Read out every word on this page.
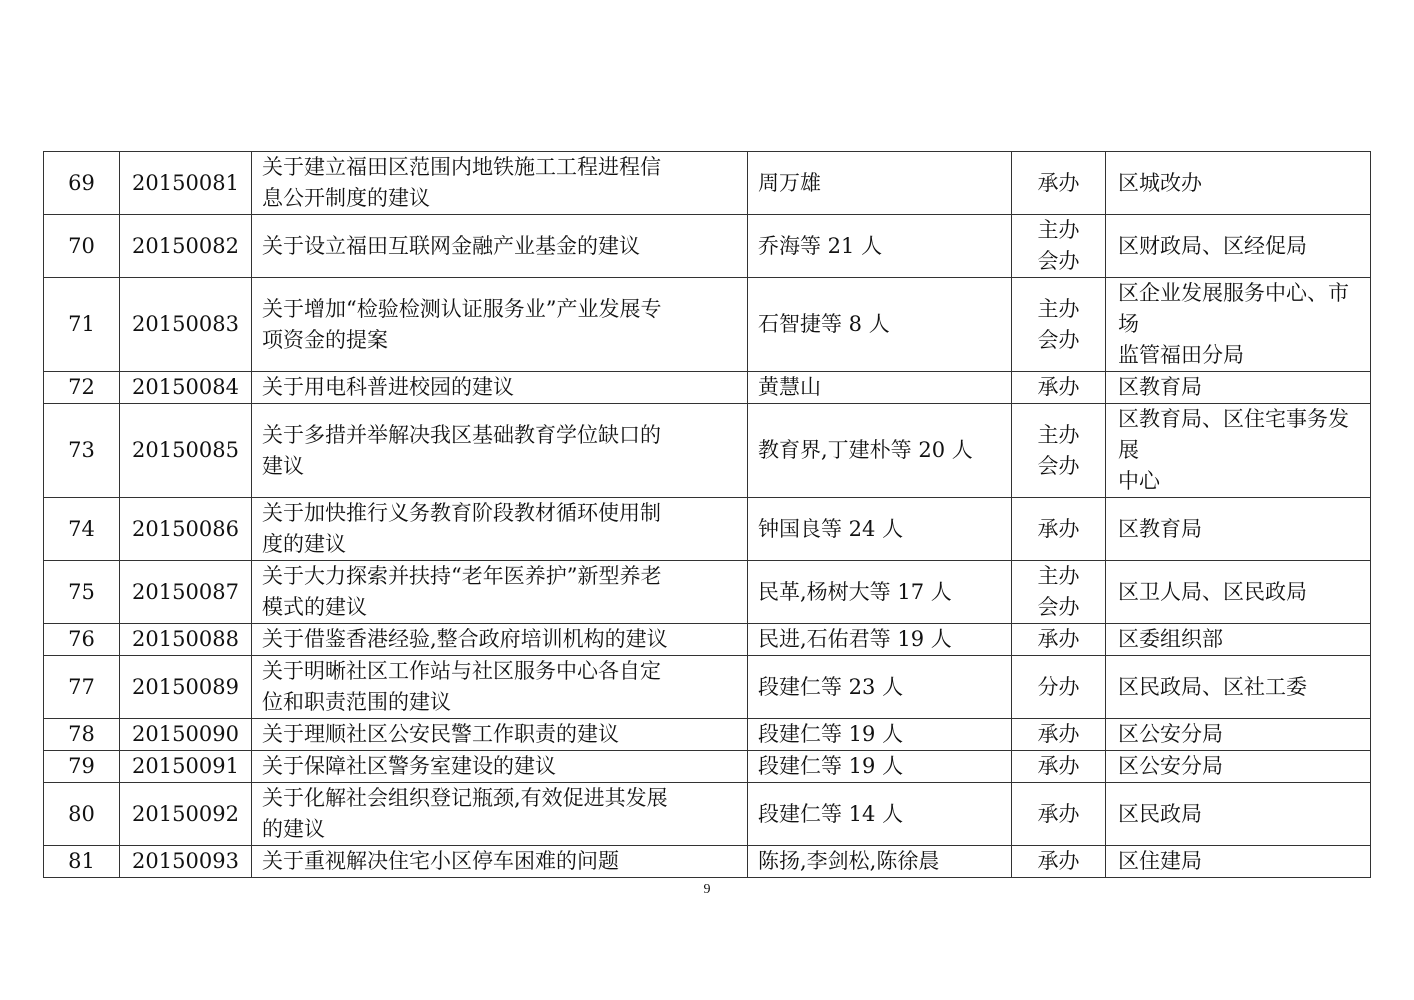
69	20150081	关于建立福田区范围内地铁施工工程进程信
息公开制度的建议	周万雄	承办	区城改办

70	20150082	关于设立福田互联网金融产业基金的建议	乔海等 21 人	主办
会办	区财政局、区经促局

71	20150083	关于增加“检验检测认证服务业”产业发展专
项资金的提案	石智捷等 8 人	主办
会办	区企业发展服务中心、市场
监管福田分局

72	20150084	关于用电科普进校园的建议	黄慧山	承办	区教育局

73	20150085	关于多措并举解决我区基础教育学位缺口的
建议	教育界,丁建朴等 20 人	主办
会办	区教育局、区住宅事务发展
中心

74	20150086	关于加快推行义务教育阶段教材循环使用制
度的建议	钟国良等 24 人	承办	区教育局

75	20150087	关于大力探索并扶持“老年医养护”新型养老
模式的建议	民革,杨树大等 17 人	主办
会办	区卫人局、区民政局

76	20150088	关于借鉴香港经验,整合政府培训机构的建议	民进,石佑君等 19 人	承办	区委组织部

77	20150089	关于明晰社区工作站与社区服务中心各自定
位和职责范围的建议	段建仁等 23 人	分办	区民政局、区社工委

78	20150090	关于理顺社区公安民警工作职责的建议	段建仁等 19 人	承办	区公安分局

79	20150091	关于保障社区警务室建设的建议	段建仁等 19 人	承办	区公安分局

80	20150092	关于化解社会组织登记瓶颈,有效促进其发展
的建议	段建仁等 14 人	承办	区民政局

81	20150093	关于重视解决住宅小区停车困难的问题	陈扬,李剑松,陈徐晨	承办	区住建局
9
